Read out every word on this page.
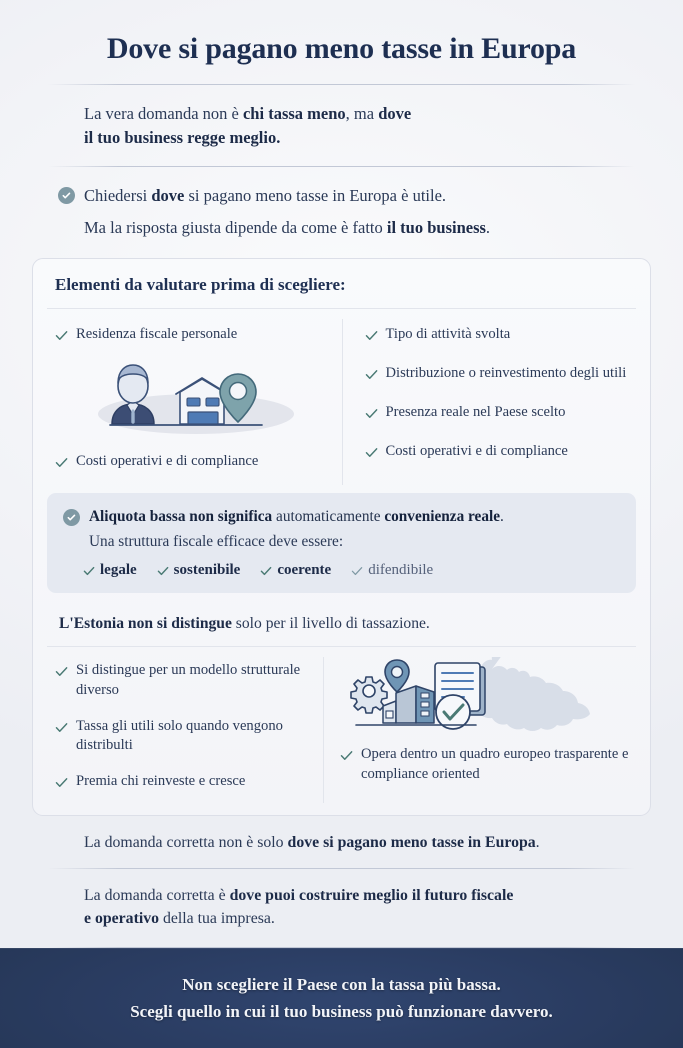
Dove si pagano meno tasse in Europa

La vera domanda non è chi tassa meno, ma dove

il tuo business regge meglio.

Chiedersi dove si pagano meno tasse in Europa è utile.

Ma la risposta giusta dipende da come è fatto il tuo business.

Elementi da valutare prima di scegliere:
Residenza fiscale personale
Costi operativi e di compliance
Tipo di attività svolta
Distribuzione o reinvestimento degli utili
Presenza reale nel Paese scelto
Costi operativi e di compliance

Aliquota bassa non significa automaticamente convenienza reale.

Una struttura fiscale efficace deve essere:

legale sostenibile coerente difendibile
L'Estonia non si distingue solo per il livello di tassazione.
Si distingue per un modello strutturale diverso
Tassa gli utili solo quando vengono distribulti
Premia chi reinveste e cresce
Opera dentro un quadro europeo trasparente e compliance oriented

La domanda corretta non è solo dove si pagano meno tasse in Europa.

La domanda corretta è dove puoi costruire meglio il futuro fiscale

e operativo della tua impresa.

Non scegliere il Paese con la tassa più bassa.

Scegli quello in cui il tuo business può funzionare davvero.
